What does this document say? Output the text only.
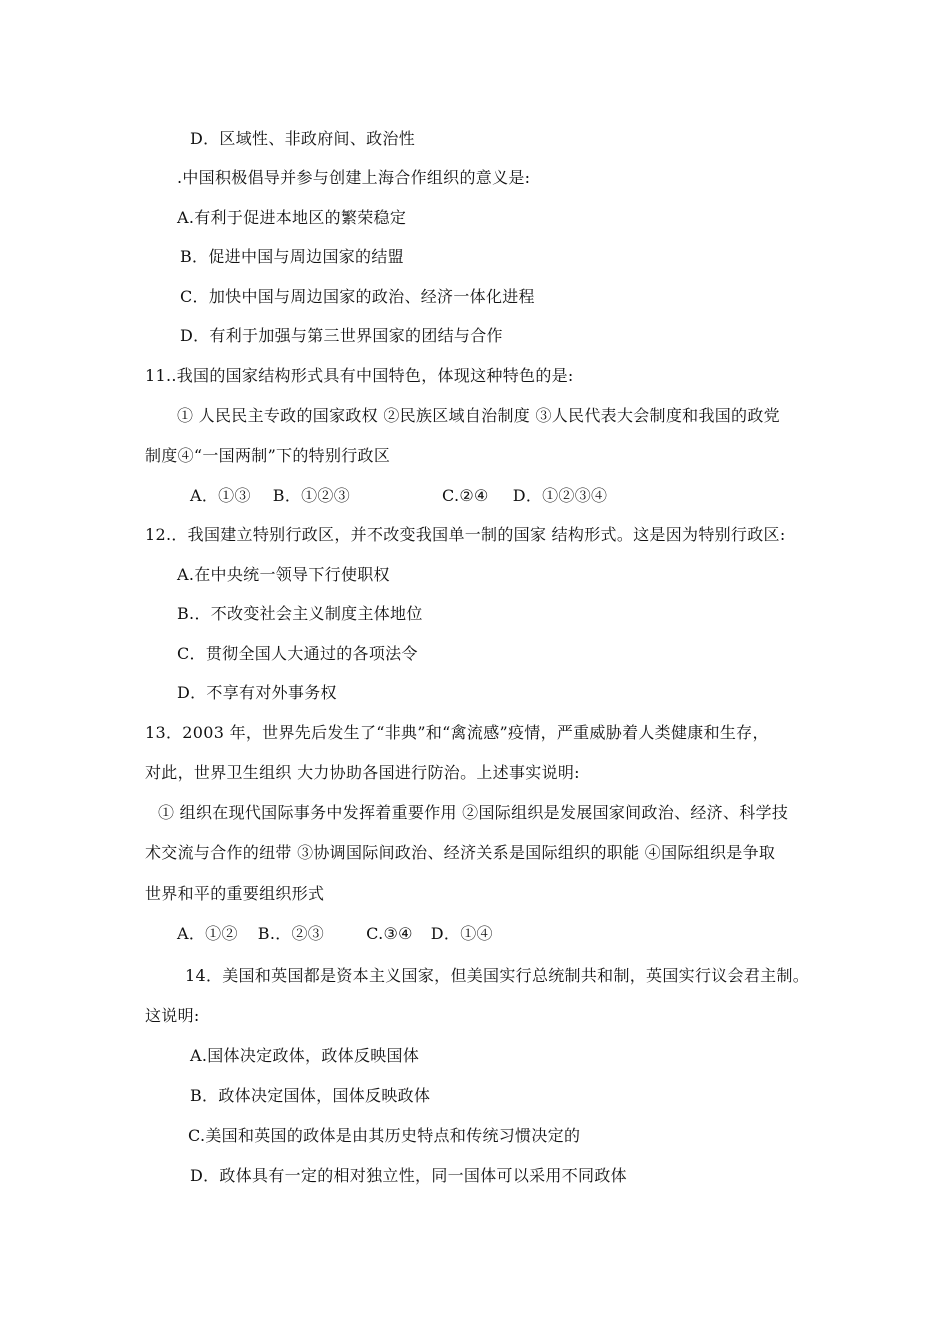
D．区域性、非政府间、政治性
.中国积极倡导并参与创建上海合作组织的意义是:
A.有利于促进本地区的繁荣稳定
B．促进中国与周边国家的结盟
C．加快中国与周边国家的政治、经济一体化进程
D．有利于加强与第三世界国家的团结与合作
11..我国的国家结构形式具有中国特色，体现这种特色的是:
① 人民民主专政的国家政权 ②民族区域自治制度 ③人民代表大会制度和我国的政党
制度④“一国两制”下的特别行政区
A．①③ B．①②③	C.②④ D．①②③④
12.．我国建立特别行政区，并不改变我国单一制的国家 结构形式。这是因为特别行政区:
A.在中央统一领导下行使职权
B.．不改变社会主义制度主体地位
C．贯彻全国人大通过的各项法令
D．不享有对外事务权
13．2003 年，世界先后发生了“非典”和“禽流感”疫情，严重威胁着人类健康和生存，
对此，世界卫生组织 大力协助各国进行防治。上述事实说明:
① 组织在现代国际事务中发挥着重要作用 ②国际组织是发展国家间政治、经济、科学技
术交流与合作的纽带 ③协调国际间政治、经济关系是国际组织的职能 ④国际组织是争取
世界和平的重要组织形式
A．①② B.．②③	C.③④ D．①④
14．美国和英国都是资本主义国家，但美国实行总统制共和制，英国实行议会君主制。
这说明:
A.国体决定政体，政体反映国体
B．政体决定国体，国体反映政体
C.美国和英国的政体是由其历史特点和传统习惯决定的
D．政体具有一定的相对独立性，同一国体可以采用不同政体
